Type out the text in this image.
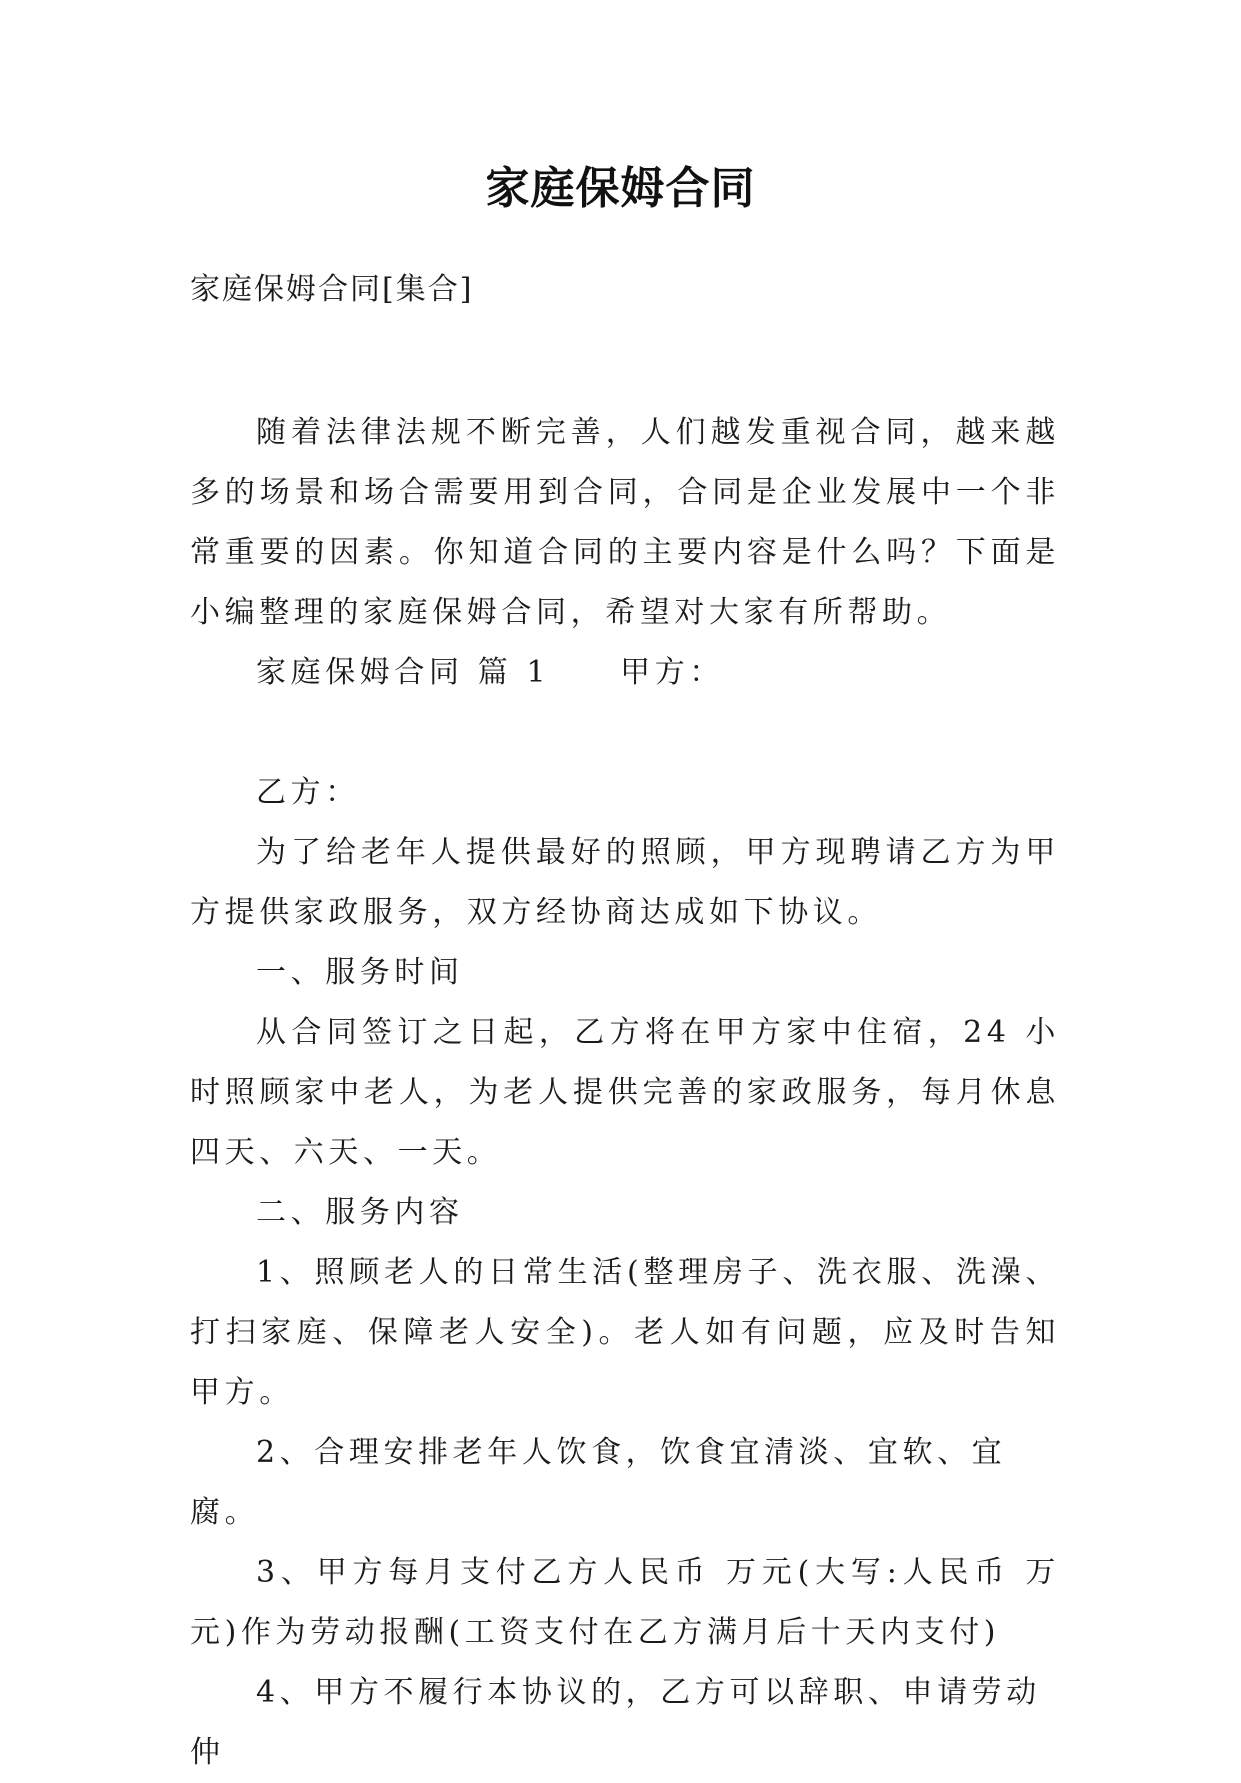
家庭保姆合同

家庭保姆合同[集合]

随着法律法规不断完善，人们越发重视合同，越来越多的场景和场合需要用到合同，合同是企业发展中一个非常重要的因素。你知道合同的主要内容是什么吗？下面是小编整理的家庭保姆合同，希望对大家有所帮助。

家庭保姆合同 篇 1 甲方：

乙方：

为了给老年人提供最好的照顾，甲方现聘请乙方为甲方提供家政服务，双方经协商达成如下协议。

一、服务时间

从合同签订之日起，乙方将在甲方家中住宿，24 小时照顾家中老人，为老人提供完善的家政服务，每月休息四天、六天、一天。

二、服务内容

1、照顾老人的日常生活(整理房子、洗衣服、洗澡、打扫家庭、保障老人安全)。老人如有问题，应及时告知甲方。

2、合理安排老年人饮食，饮食宜清淡、宜软、宜腐。

3、甲方每月支付乙方人民币 万元(大写:人民币 万元)作为劳动报酬(工资支付在乙方满月后十天内支付)

4、甲方不履行本协议的，乙方可以辞职、申请劳动仲
